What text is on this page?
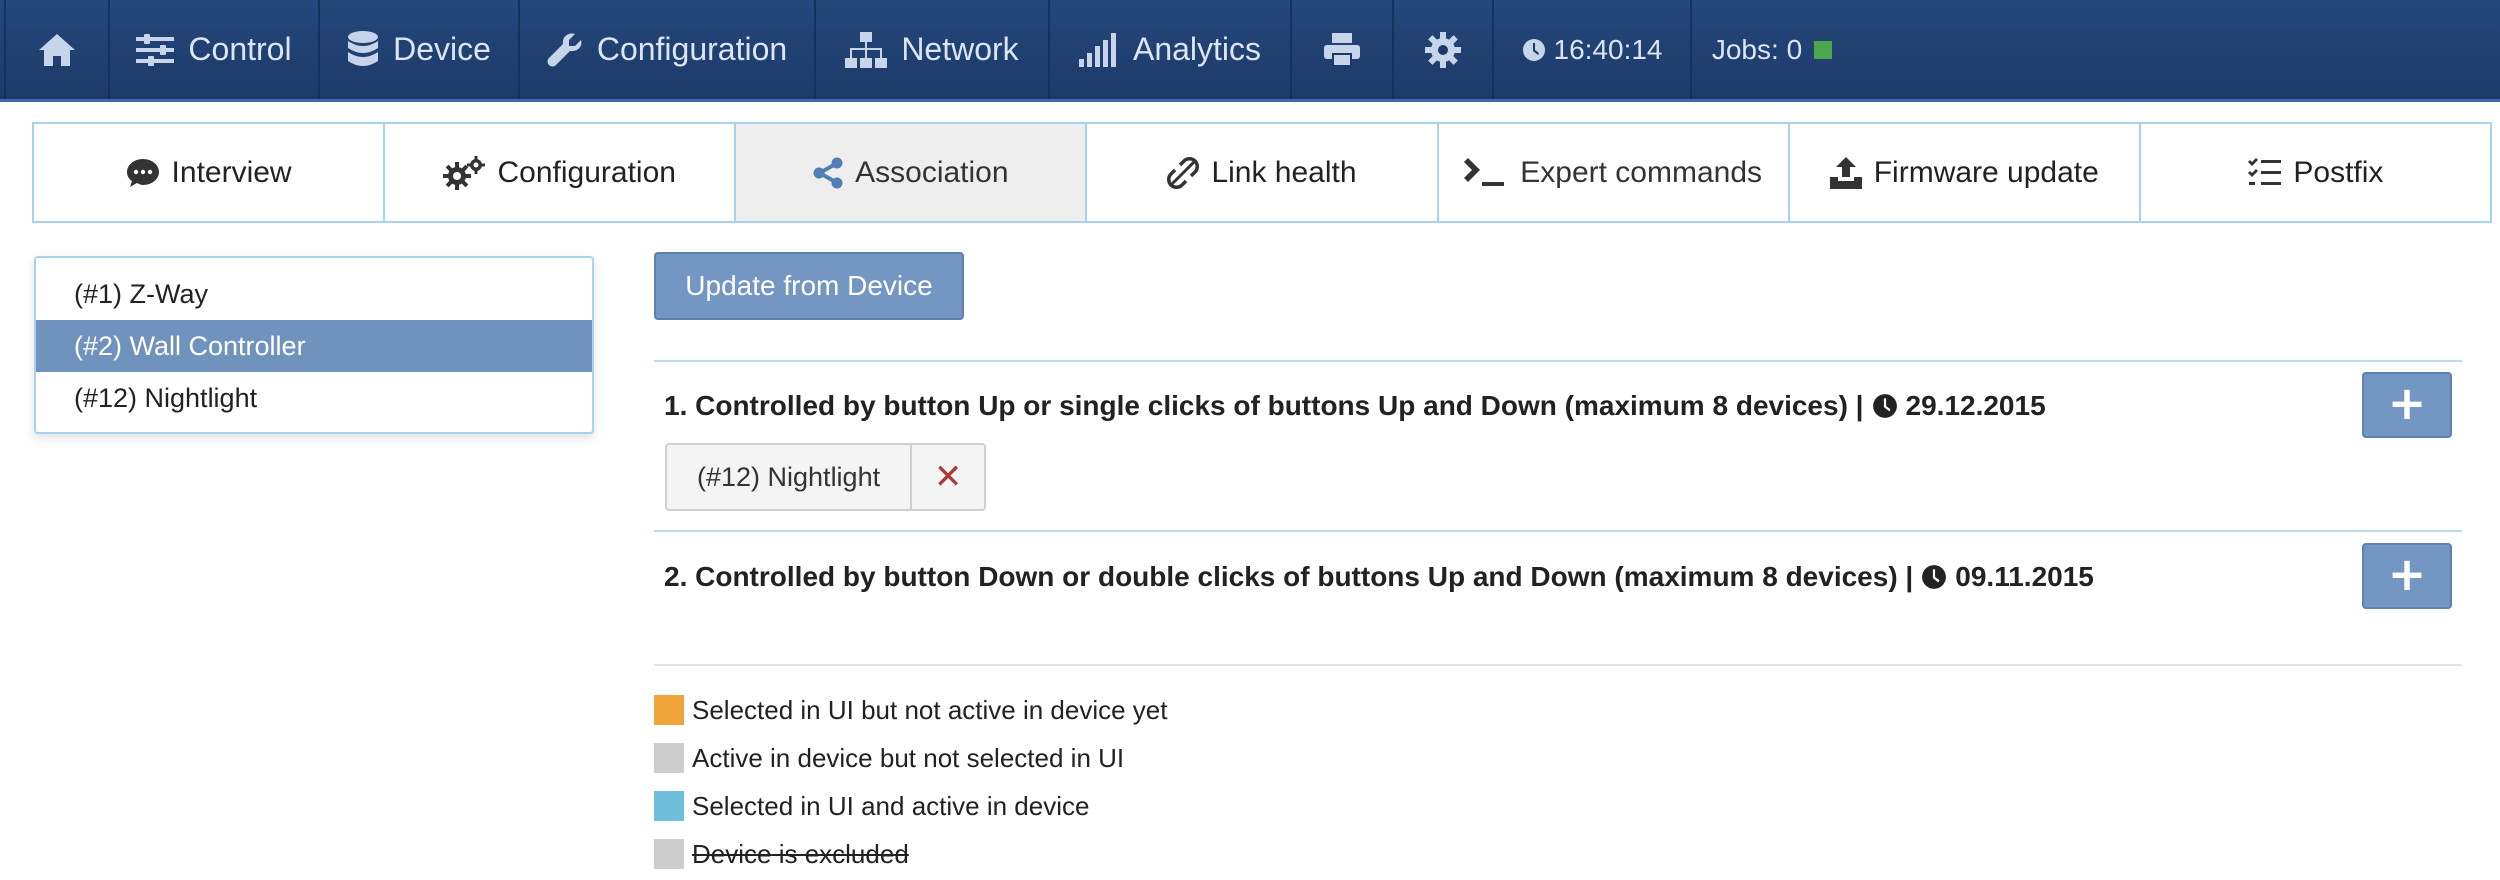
Control	Device	Configuration	Network	Analytics	16:40:14 Jobs: 0
Interview	Configuration	Association	Link health	Expert commands	Firmware update	Postfix
(#1) Z-Way
(#2) Wall Controller
(#12) Nightlight
Update from Device
1. Controlled by button Up or single clicks of buttons Up and Down (maximum 8 devices) | 29.12.2015	+
(#12) Nightlight	✕
2. Controlled by button Down or double clicks of buttons Up and Down (maximum 8 devices) | 09.11.2015	+
Selected in UI but not active in device yet
Active in device but not selected in UI
Selected in UI and active in device
Device is excluded
